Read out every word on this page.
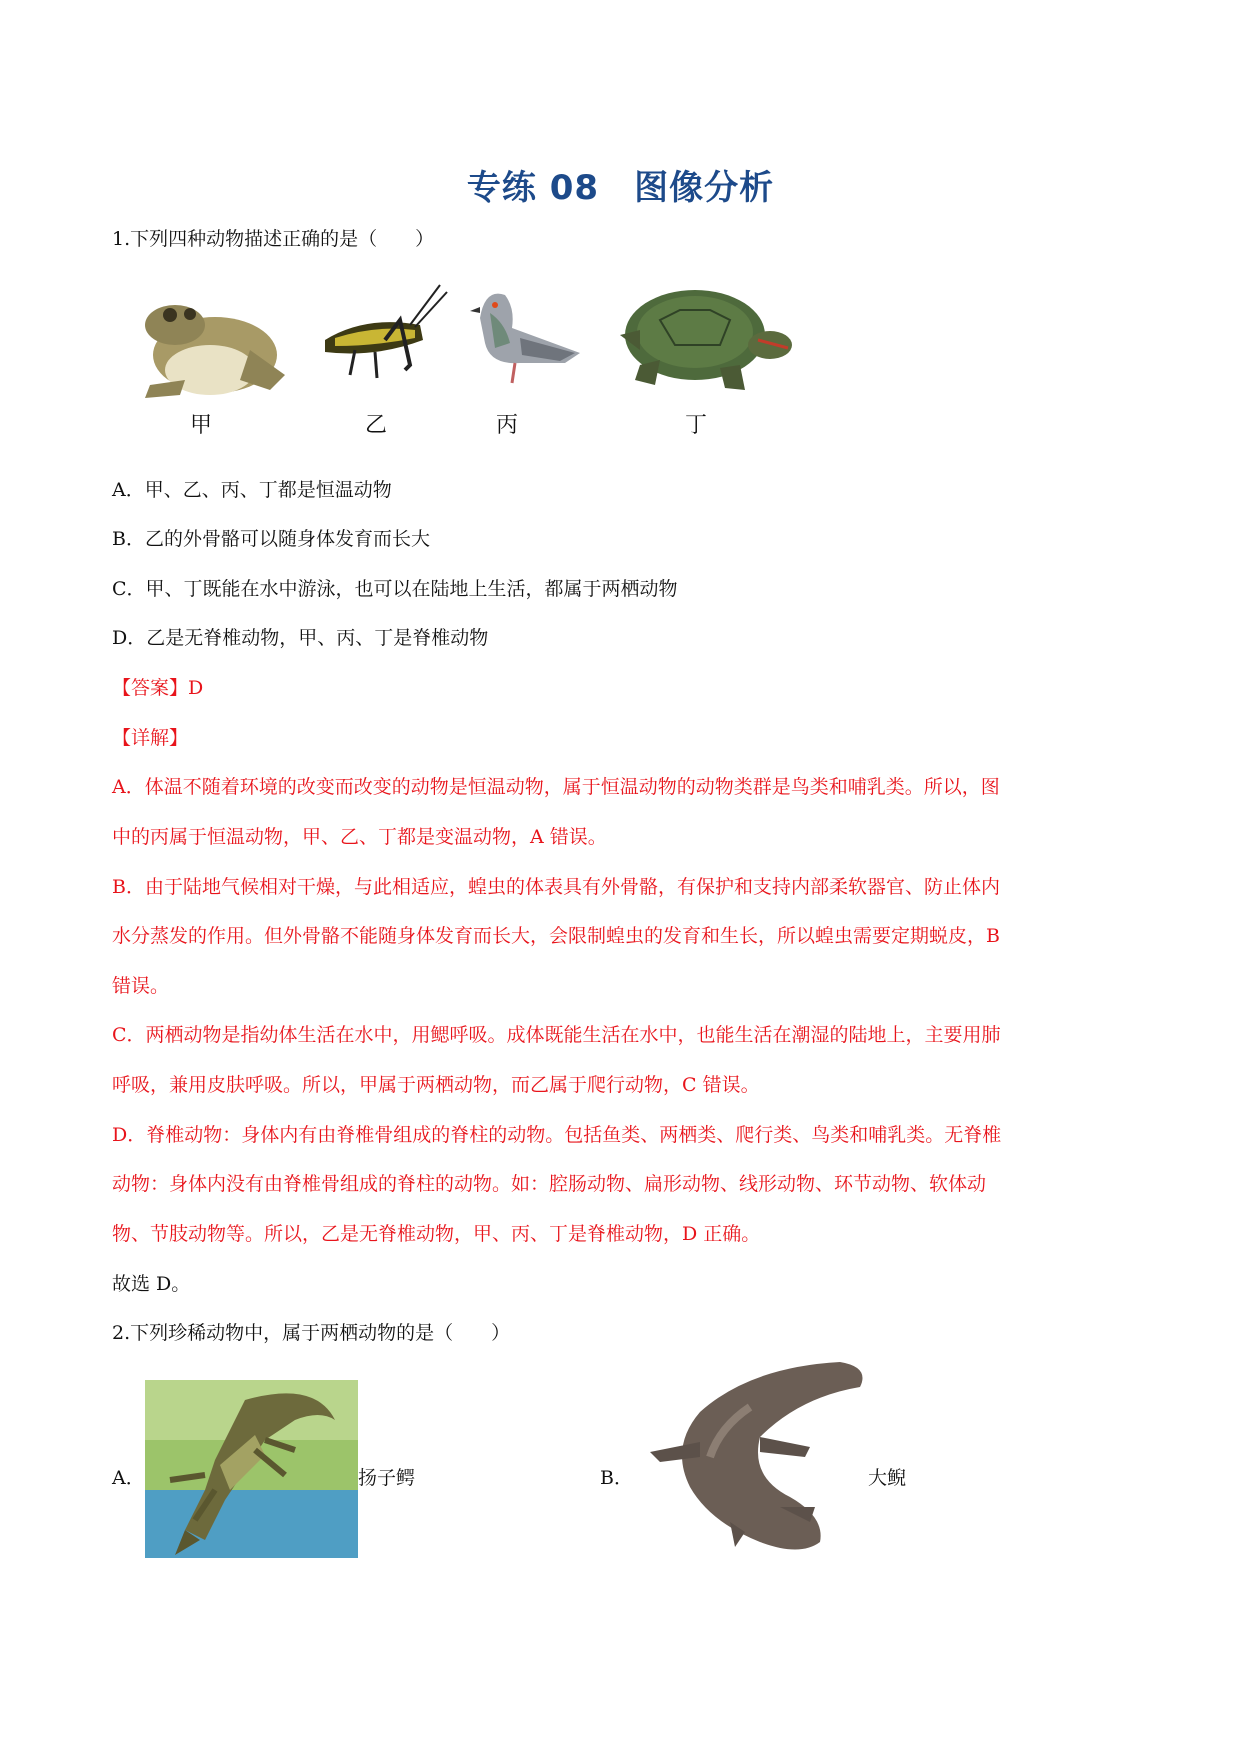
专练 08　图像分析
1.下列四种动物描述正确的是（　　）
甲	乙	丙	丁
A．甲、乙、丙、丁都是恒温动物
B．乙的外骨骼可以随身体发育而长大
C．甲、丁既能在水中游泳，也可以在陆地上生活，都属于两栖动物
D．乙是无脊椎动物，甲、丙、丁是脊椎动物
【答案】D
【详解】
A．体温不随着环境的改变而改变的动物是恒温动物，属于恒温动物的动物类群是鸟类和哺乳类。所以，图
中的丙属于恒温动物，甲、乙、丁都是变温动物，A 错误。
B．由于陆地气候相对干燥，与此相适应，蝗虫的体表具有外骨骼，有保护和支持内部柔软器官、防止体内
水分蒸发的作用。但外骨骼不能随身体发育而长大，会限制蝗虫的发育和生长，所以蝗虫需要定期蜕皮，B
错误。
C．两栖动物是指幼体生活在水中，用鳃呼吸。成体既能生活在水中，也能生活在潮湿的陆地上，主要用肺
呼吸，兼用皮肤呼吸。所以，甲属于两栖动物，而乙属于爬行动物，C 错误。
D．脊椎动物：身体内有由脊椎骨组成的脊柱的动物。包括鱼类、两栖类、爬行类、鸟类和哺乳类。无脊椎
动物：身体内没有由脊椎骨组成的脊柱的动物。如：腔肠动物、扁形动物、线形动物、环节动物、软体动
物、节肢动物等。所以，乙是无脊椎动物，甲、丙、丁是脊椎动物，D 正确。
故选 D。
2.下列珍稀动物中，属于两栖动物的是（　　）
A．	扬子鳄	B．	大鲵
